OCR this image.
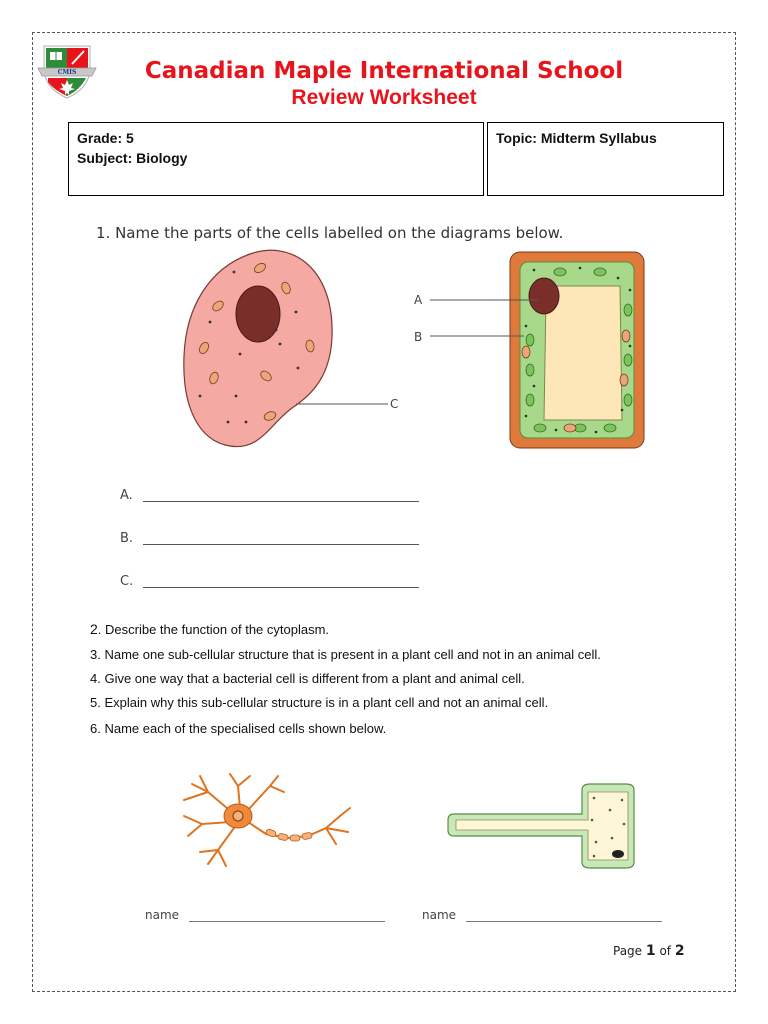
CMIS	Canadian Maple International School
Review Worksheet
Grade: 5
Subject: Biology
Topic: Midterm Syllabus
1. Name the parts of the cells labelled on the diagrams below.
C
A
B
A.
B.
C.
2. Describe the function of the cytoplasm.
3. Name one sub-cellular structure that is present in a plant cell and not in an animal cell.
4. Give one way that a bacterial cell is different from a plant and animal cell.
5. Explain why this sub-cellular structure is in a plant cell and not an animal cell.
6. Name each of the specialised cells shown below.
name	name
Page 1 of 2
